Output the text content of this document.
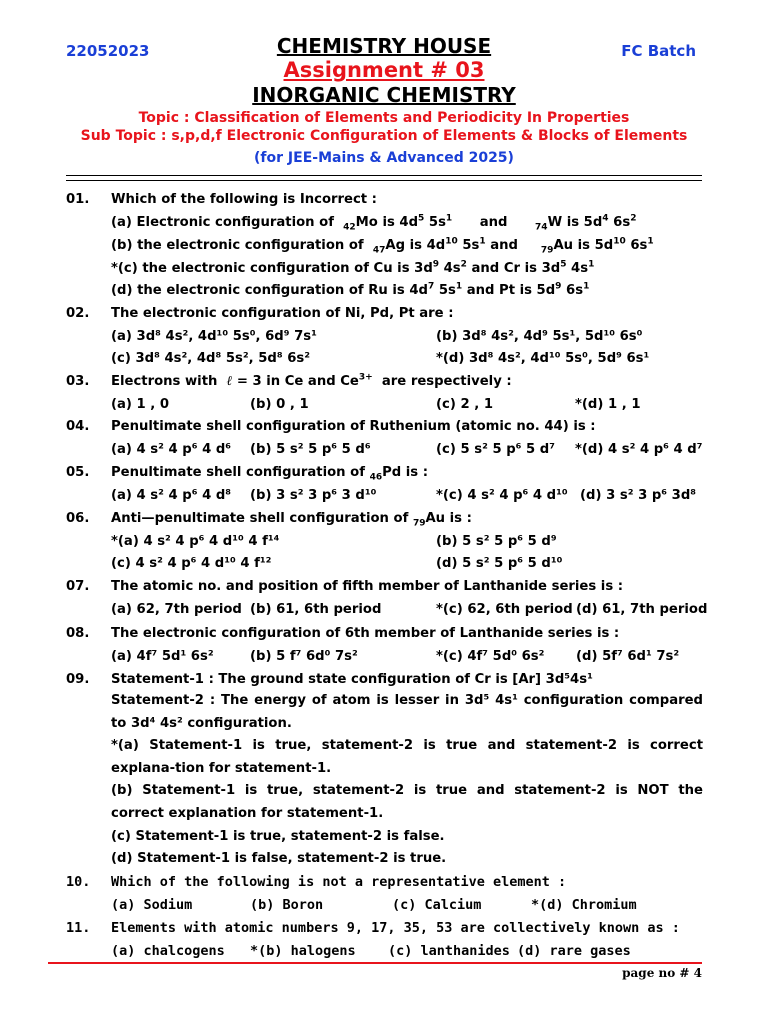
22052023	FC Batch
CHEMISTRY HOUSE
Assignment # 03
INORGANIC CHEMISTRY
Topic : Classification of Elements and Periodicity In Properties
Sub Topic : s,p,d,f Electronic Configuration of Elements & Blocks of Elements
(for JEE-Mains & Advanced 2025)
01. Which of the following is Incorrect :
(a) Electronic configuration of $_{42}$Mo is $4d^5$ $5s^1$ and	$_{74}$W is $5d^4$ $6s^2$
(b) the electronic configuration of $_{47}$Ag is $4d^{10}$ $5s^1$ and	$_{79}$Au is $5d^{10}$ $6s^1$
*(c) the electronic configuration of Cu is $3d^9$ $4s^2$ and Cr is $3d^5$ $4s^1$
(d) the electronic configuration of Ru is $4d^7$ $5s^1$ and Pt is $5d^9$ $6s^1$
02. The electronic configuration of Ni, Pd, Pt are :
(a) 3d⁸ 4s², 4d¹⁰ 5s⁰, 6d⁹ 7s¹	(b) 3d⁸ 4s², 4d⁹ 5s¹, 5d¹⁰ 6s⁰
(c) 3d⁸ 4s², 4d⁸ 5s², 5d⁸ 6s²	*(d) 3d⁸ 4s², 4d¹⁰ 5s⁰, 5d⁹ 6s¹
03. Electrons with ℓ = 3 in Ce and $Ce^{3+}$ are respectively :
(a) 1 , 0	(b) 0 , 1	(c) 2 , 1	*(d) 1 , 1
04. Penultimate shell configuration of Ruthenium (atomic no. 44) is :
(a) 4 s² 4 p⁶ 4 d⁶ (b) 5 s² 5 p⁶ 5 d⁶	(c) 5 s² 5 p⁶ 5 d⁷ *(d) 4 s² 4 p⁶ 4 d⁷
05. Penultimate shell configuration of $_{46}$Pd is :
(a) 4 s² 4 p⁶ 4 d⁸ (b) 3 s² 3 p⁶ 3 d¹⁰	*(c) 4 s² 4 p⁶ 4 d¹⁰ (d) 3 s² 3 p⁶ 3d⁸
06. Anti—penultimate shell configuration of $_{79}$Au is :
*(a) 4 s² 4 p⁶ 4 d¹⁰ 4 f¹⁴	(b) 5 s² 5 p⁶ 5 d⁹
(c) 4 s² 4 p⁶ 4 d¹⁰ 4 f¹²	(d) 5 s² 5 p⁶ 5 d¹⁰
07. The atomic no. and position of fifth member of Lanthanide series is :
(a) 62, 7th period (b) 61, 6th period	*(c) 62, 6th period (d) 61, 7th period
08. The electronic configuration of 6th member of Lanthanide series is :
(a) 4f⁷ 5d¹ 6s²	(b) 5 f⁷ 6d⁰ 7s²	*(c) 4f⁷ 5d⁰ 6s² (d) 5f⁷ 6d¹ 7s²
09. Statement-1 : The ground state configuration of Cr is [Ar] 3d⁵4s¹
Statement-2 : The energy of atom is lesser in 3d⁵ 4s¹ configuration compared to 3d⁴ 4s² configuration.
*(a) Statement-1 is true, statement-2 is true and statement-2 is correct explana-tion for statement-1.
(b) Statement-1 is true, statement-2 is true and statement-2 is NOT the correct explanation for statement-1.
(c) Statement-1 is true, statement-2 is false.
(d) Statement-1 is false, statement-2 is true.
10. Which of the following is not a representative element :
(a) Sodium	(b) Boron	(c) Calcium	*(d) Chromium
11. Elements with atomic numbers 9, 17, 35, 53 are collectively known as :
(a) chalcogens *(b) halogens (c) lanthanides (d) rare gases
page no # 4
